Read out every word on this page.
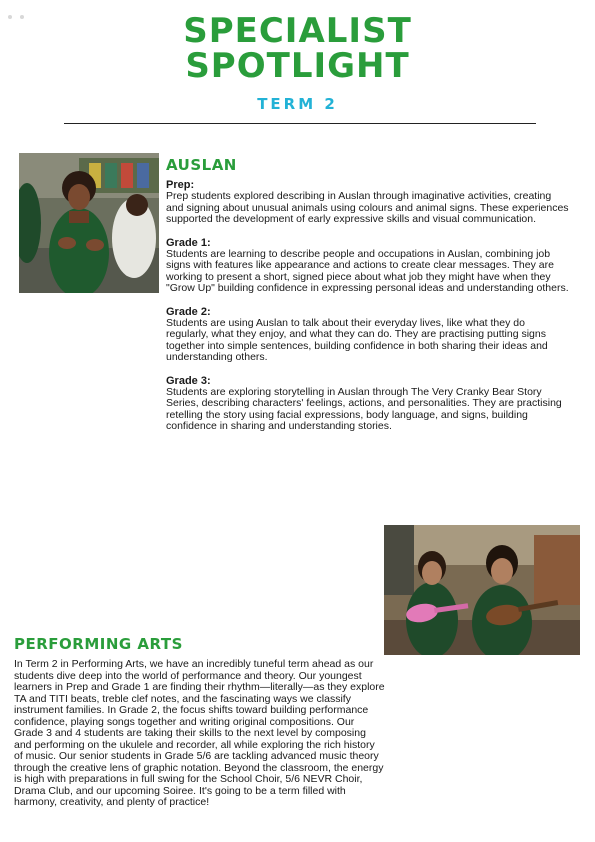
SPECIALIST
SPOTLIGHT
TERM 2
AUSLAN
Prep:
Prep students explored describing in Auslan through imaginative activities, creating and signing about unusual animals using colours and animal signs. These experiences supported the development of early expressive skills and visual communication.
Grade 1:
Students are learning to describe people and occupations in Auslan, combining job signs with features like appearance and actions to create clear messages. They are working to present a short, signed piece about what job they might have when they "Grow Up" building confidence in expressing personal ideas and understanding others.
Grade 2:
Students are using Auslan to talk about their everyday lives, like what they do regularly, what they enjoy, and what they can do. They are practising putting signs together into simple sentences, building confidence in both sharing their ideas and understanding others.
Grade 3:
Students are exploring storytelling in Auslan through The Very Cranky Bear Story Series, describing characters' feelings, actions, and personalities. They are practising retelling the story using facial expressions, body language, and signs, building confidence in sharing and understanding stories.
PERFORMING ARTS
In Term 2 in Performing Arts, we have an incredibly tuneful term ahead as our students dive deep into the world of performance and theory. Our youngest learners in Prep and Grade 1 are finding their rhythm—literally—as they explore TA and TITI beats, treble clef notes, and the fascinating ways we classify instrument families. In Grade 2, the focus shifts toward building performance confidence, playing songs together and writing original compositions. Our Grade 3 and 4 students are taking their skills to the next level by composing and performing on the ukulele and recorder, all while exploring the rich history of music. Our senior students in Grade 5/6 are tackling advanced music theory through the creative lens of graphic notation. Beyond the classroom, the energy is high with preparations in full swing for the School Choir, 5/6 NEVR Choir, Drama Club, and our upcoming Soiree. It's going to be a term filled with harmony, creativity, and plenty of practice!
